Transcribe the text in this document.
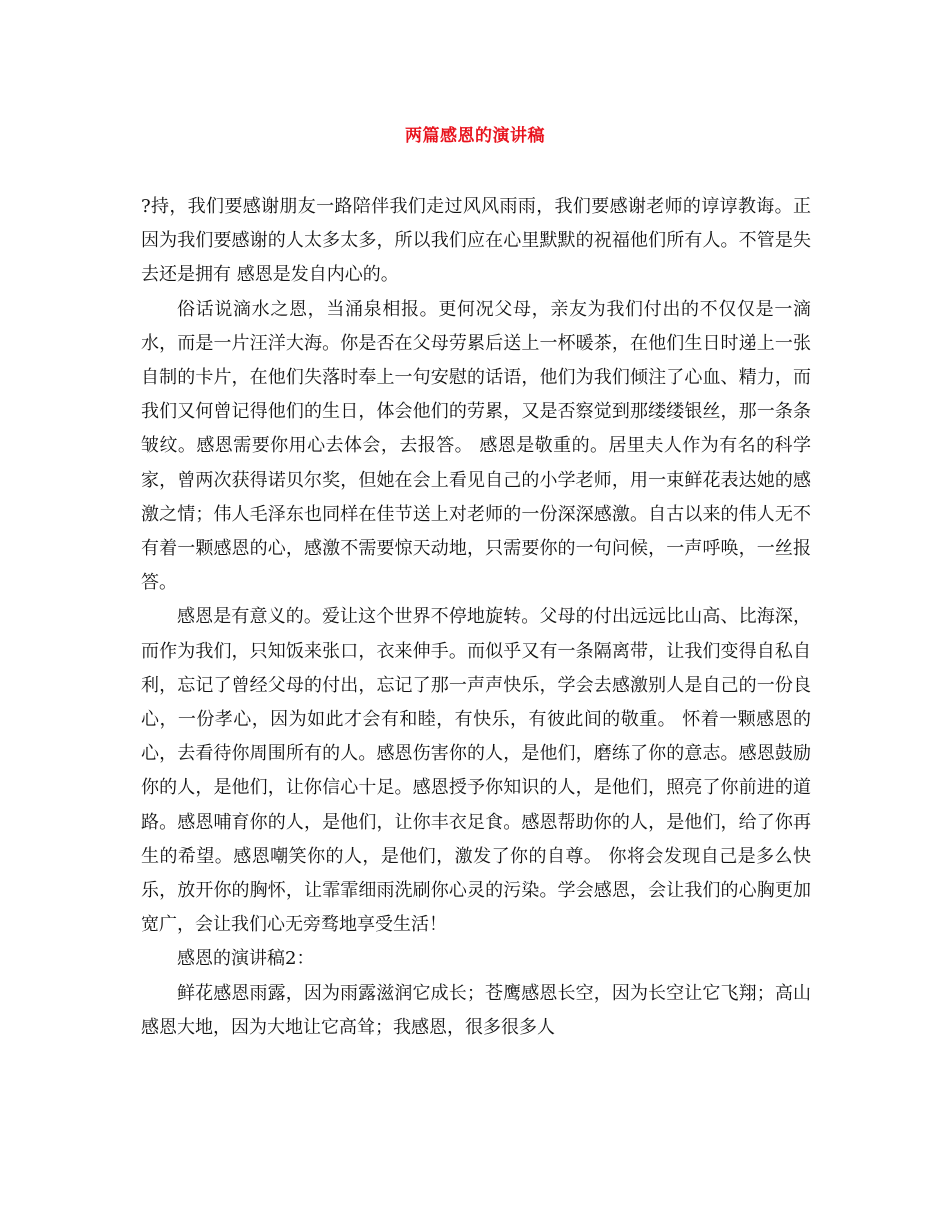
两篇感恩的演讲稿

?持，我们要感谢朋友一路陪伴我们走过风风雨雨，我们要感谢老师的谆谆教诲。正因为我们要感谢的人太多太多，所以我们应在心里默默的祝福他们所有人。不管是失去还是拥有 感恩是发自内心的。

俗话说滴水之恩，当涌泉相报。更何况父母，亲友为我们付出的不仅仅是一滴水，而是一片汪洋大海。你是否在父母劳累后送上一杯暖茶，在他们生日时递上一张自制的卡片，在他们失落时奉上一句安慰的话语，他们为我们倾注了心血、精力，而我们又何曾记得他们的生日，体会他们的劳累，又是否察觉到那缕缕银丝，那一条条皱纹。感恩需要你用心去体会，去报答。 感恩是敬重的。居里夫人作为有名的科学家，曾两次获得诺贝尔奖，但她在会上看见自己的小学老师，用一束鲜花表达她的感激之情；伟人毛泽东也同样在佳节送上对老师的一份深深感激。自古以来的伟人无不有着一颗感恩的心，感激不需要惊天动地，只需要你的一句问候，一声呼唤，一丝报答。

感恩是有意义的。爱让这个世界不停地旋转。父母的付出远远比山高、比海深，而作为我们，只知饭来张口，衣来伸手。而似乎又有一条隔离带，让我们变得自私自利，忘记了曾经父母的付出，忘记了那一声声快乐，学会去感激别人是自己的一份良心，一份孝心，因为如此才会有和睦，有快乐，有彼此间的敬重。 怀着一颗感恩的心，去看待你周围所有的人。感恩伤害你的人，是他们，磨练了你的意志。感恩鼓励你的人，是他们，让你信心十足。感恩授予你知识的人，是他们，照亮了你前进的道路。感恩哺育你的人，是他们，让你丰衣足食。感恩帮助你的人，是他们，给了你再生的希望。感恩嘲笑你的人，是他们，激发了你的自尊。 你将会发现自己是多么快乐，放开你的胸怀，让霏霏细雨洗刷你心灵的污染。学会感恩，会让我们的心胸更加宽广，会让我们心无旁骛地享受生活！

感恩的演讲稿2：

鲜花感恩雨露，因为雨露滋润它成长；苍鹰感恩长空，因为长空让它飞翔；高山感恩大地，因为大地让它高耸；我感恩，很多很多人
